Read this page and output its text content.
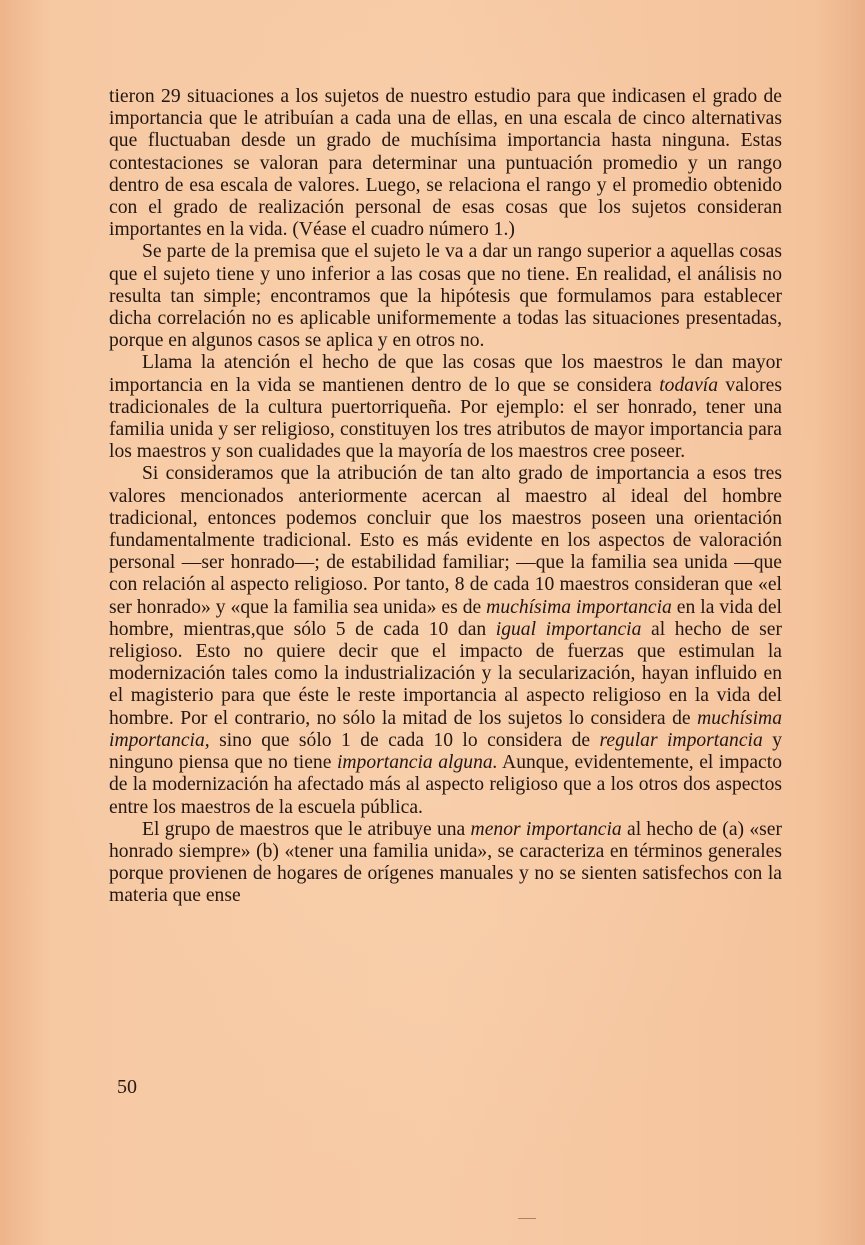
tieron 29 situaciones a los sujetos de nuestro estudio para que indicasen el grado de importancia que le atribuían a cada una de ellas, en una escala de cinco alternativas que fluctuaban desde un grado de muchísima importancia hasta ninguna. Estas contestaciones se valoran para determinar una puntuación promedio y un rango dentro de esa escala de valores. Luego, se relaciona el rango y el promedio obtenido con el grado de realización personal de esas cosas que los sujetos consideran importantes en la vida. (Véase el cuadro número 1.)

Se parte de la premisa que el sujeto le va a dar un rango superior a aquellas cosas que el sujeto tiene y uno inferior a las cosas que no tiene. En realidad, el análisis no resulta tan simple; encontramos que la hipótesis que formulamos para establecer dicha correlación no es aplicable uniformemente a todas las situaciones presentadas, porque en algunos casos se aplica y en otros no.

Llama la atención el hecho de que las cosas que los maestros le dan mayor importancia en la vida se mantienen dentro de lo que se considera todavía valores tradicionales de la cultura puertorriqueña. Por ejemplo: el ser honrado, tener una familia unida y ser religioso, constituyen los tres atributos de mayor importancia para los maestros y son cualidades que la mayoría de los maestros cree poseer.

Si consideramos que la atribución de tan alto grado de importancia a esos tres valores mencionados anteriormente acercan al maestro al ideal del hombre tradicional, entonces podemos concluir que los maestros poseen una orientación fundamentalmente tradicional. Esto es más evidente en los aspectos de valoración personal —ser honrado—; de estabilidad familiar; —que la familia sea unida —que con relación al aspecto religioso. Por tanto, 8 de cada 10 maestros consideran que «el ser honrado» y «que la familia sea unida» es de muchísima importancia en la vida del hombre, mientras,que sólo 5 de cada 10 dan igual importancia al hecho de ser religioso. Esto no quiere decir que el impacto de fuerzas que estimulan la modernización tales como la industrialización y la secularización, hayan influido en el magisterio para que éste le reste importancia al aspecto religioso en la vida del hombre. Por el contrario, no sólo la mitad de los sujetos lo considera de muchísima importancia, sino que sólo 1 de cada 10 lo considera de regular importancia y ninguno piensa que no tiene importancia alguna. Aunque, evidentemente, el impacto de la modernización ha afectado más al aspecto religioso que a los otros dos aspectos entre los maestros de la escuela pública.

El grupo de maestros que le atribuye una menor importancia al hecho de (a) «ser honrado siempre» (b) «tener una familia unida», se caracteriza en términos generales porque provienen de hogares de orígenes manuales y no se sienten satisfechos con la materia que ense

50
